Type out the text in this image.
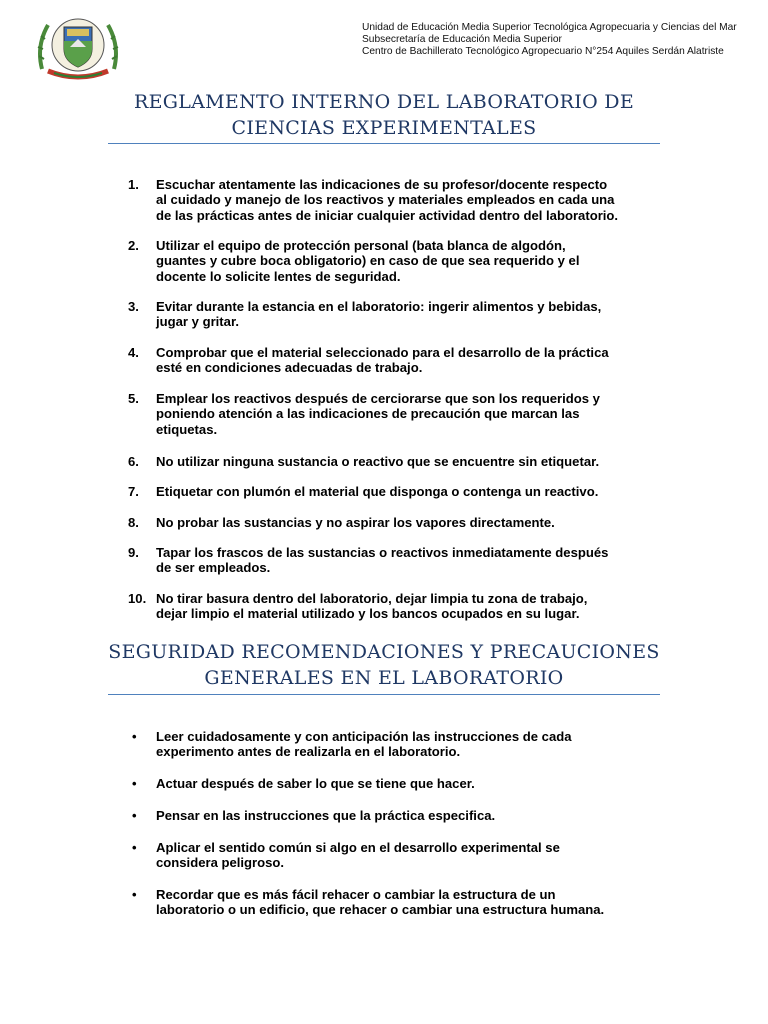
Unidad de Educación Media Superior Tecnológica Agropecuaria y Ciencias del Mar
Subsecretaría de Educación Media Superior
Centro de Bachillerato Tecnológico Agropecuario N°254 Aquiles Serdán Alatriste
REGLAMENTO INTERNO DEL LABORATORIO DE
CIENCIAS EXPERIMENTALES
1.	Escuchar atentamente las indicaciones de su profesor/docente respecto
al cuidado y manejo de los reactivos y materiales empleados en cada una
de las prácticas antes de iniciar cualquier actividad dentro del laboratorio.
2.	Utilizar el equipo de protección personal (bata blanca de algodón,
guantes y cubre boca obligatorio) en caso de que sea requerido y el
docente lo solicite lentes de seguridad.
3.	Evitar durante la estancia en el laboratorio: ingerir alimentos y bebidas,
jugar y gritar.
4.	Comprobar que el material seleccionado para el desarrollo de la práctica
esté en condiciones adecuadas de trabajo.
5.	Emplear los reactivos después de cerciorarse que son los requeridos y
poniendo atención a las indicaciones de precaución que marcan las
etiquetas.
6.	No utilizar ninguna sustancia o reactivo que se encuentre sin etiquetar.
7.	Etiquetar con plumón el material que disponga o contenga un reactivo.
8.	No probar las sustancias y no aspirar los vapores directamente.
9.	Tapar los frascos de las sustancias o reactivos inmediatamente después
de ser empleados.
10. No tirar basura dentro del laboratorio, dejar limpia tu zona de trabajo,
dejar limpio el material utilizado y los bancos ocupados en su lugar.
SEGURIDAD RECOMENDACIONES Y PRECAUCIONES
GENERALES EN EL LABORATORIO
• Leer cuidadosamente y con anticipación las instrucciones de cada
experimento antes de realizarla en el laboratorio.
• Actuar después de saber lo que se tiene que hacer.
• Pensar en las instrucciones que la práctica especifica.
• Aplicar el sentido común si algo en el desarrollo experimental se
considera peligroso.
• Recordar que es más fácil rehacer o cambiar la estructura de un
laboratorio o un edificio, que rehacer o cambiar una estructura humana.
